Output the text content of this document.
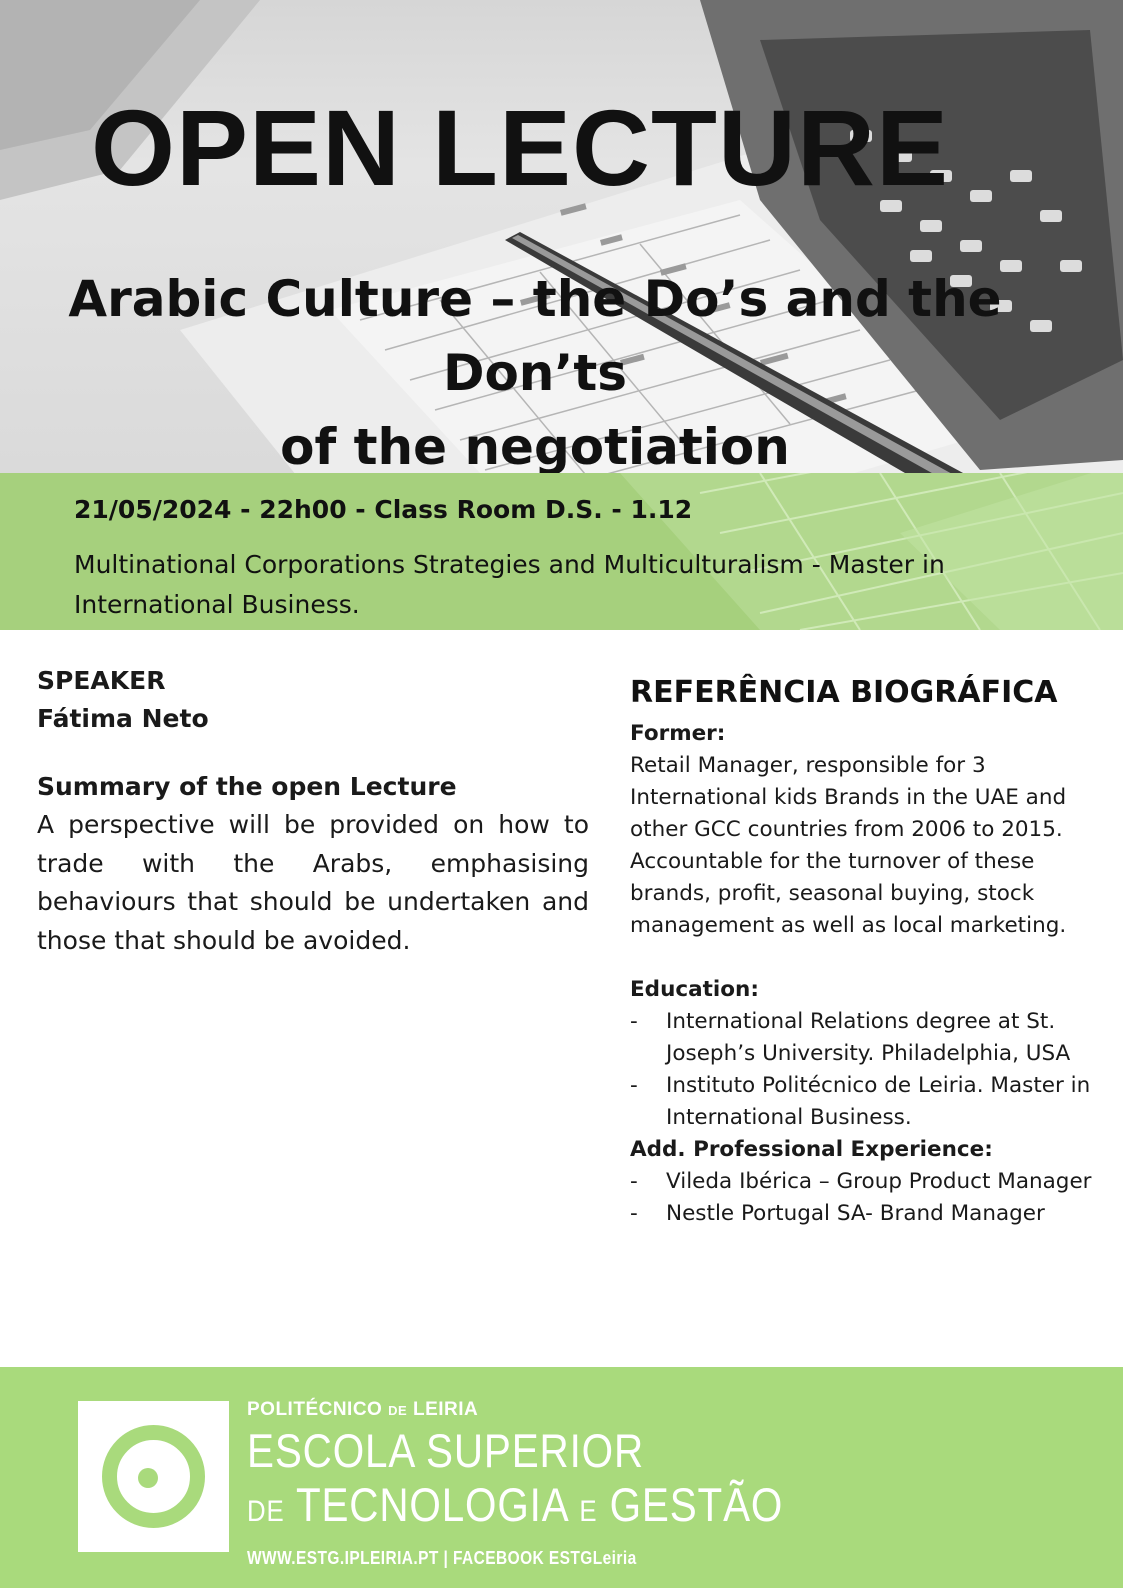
OPEN LECTURE
Arabic Culture – the Do’s and the Don’ts
of the negotiation

21/05/2024 - 22h00 - Class Room D.S. - 1.12

Multinational Corporations Strategies and Multiculturalism - Master in International Business.

SPEAKER

Fátima Neto

Summary of the open Lecture

A perspective will be provided on how to trade with the Arabs, emphasising behaviours that should be undertaken and those that should be avoided.

REFERÊNCIA BIOGRÁFICA

Former:

Retail Manager, responsible for 3 International kids Brands in the UAE and other GCC countries from 2006 to 2015. Accountable for the turnover of these brands, profit, seasonal buying, stock management as well as local marketing.

Education:

- International Relations degree at St. Joseph’s University. Philadelphia, USA
- Instituto Politécnico de Leiria. Master in International Business.

Add. Professional Experience:

- Vileda Ibérica – Group Product Manager
- Nestle Portugal SA- Brand Manager

POLITÉCNICO DE LEIRIA

ESCOLA SUPERIOR

DE TECNOLOGIA E GESTÃO

WWW.ESTG.IPLEIRIA.PT | FACEBOOK ESTGLeiria
